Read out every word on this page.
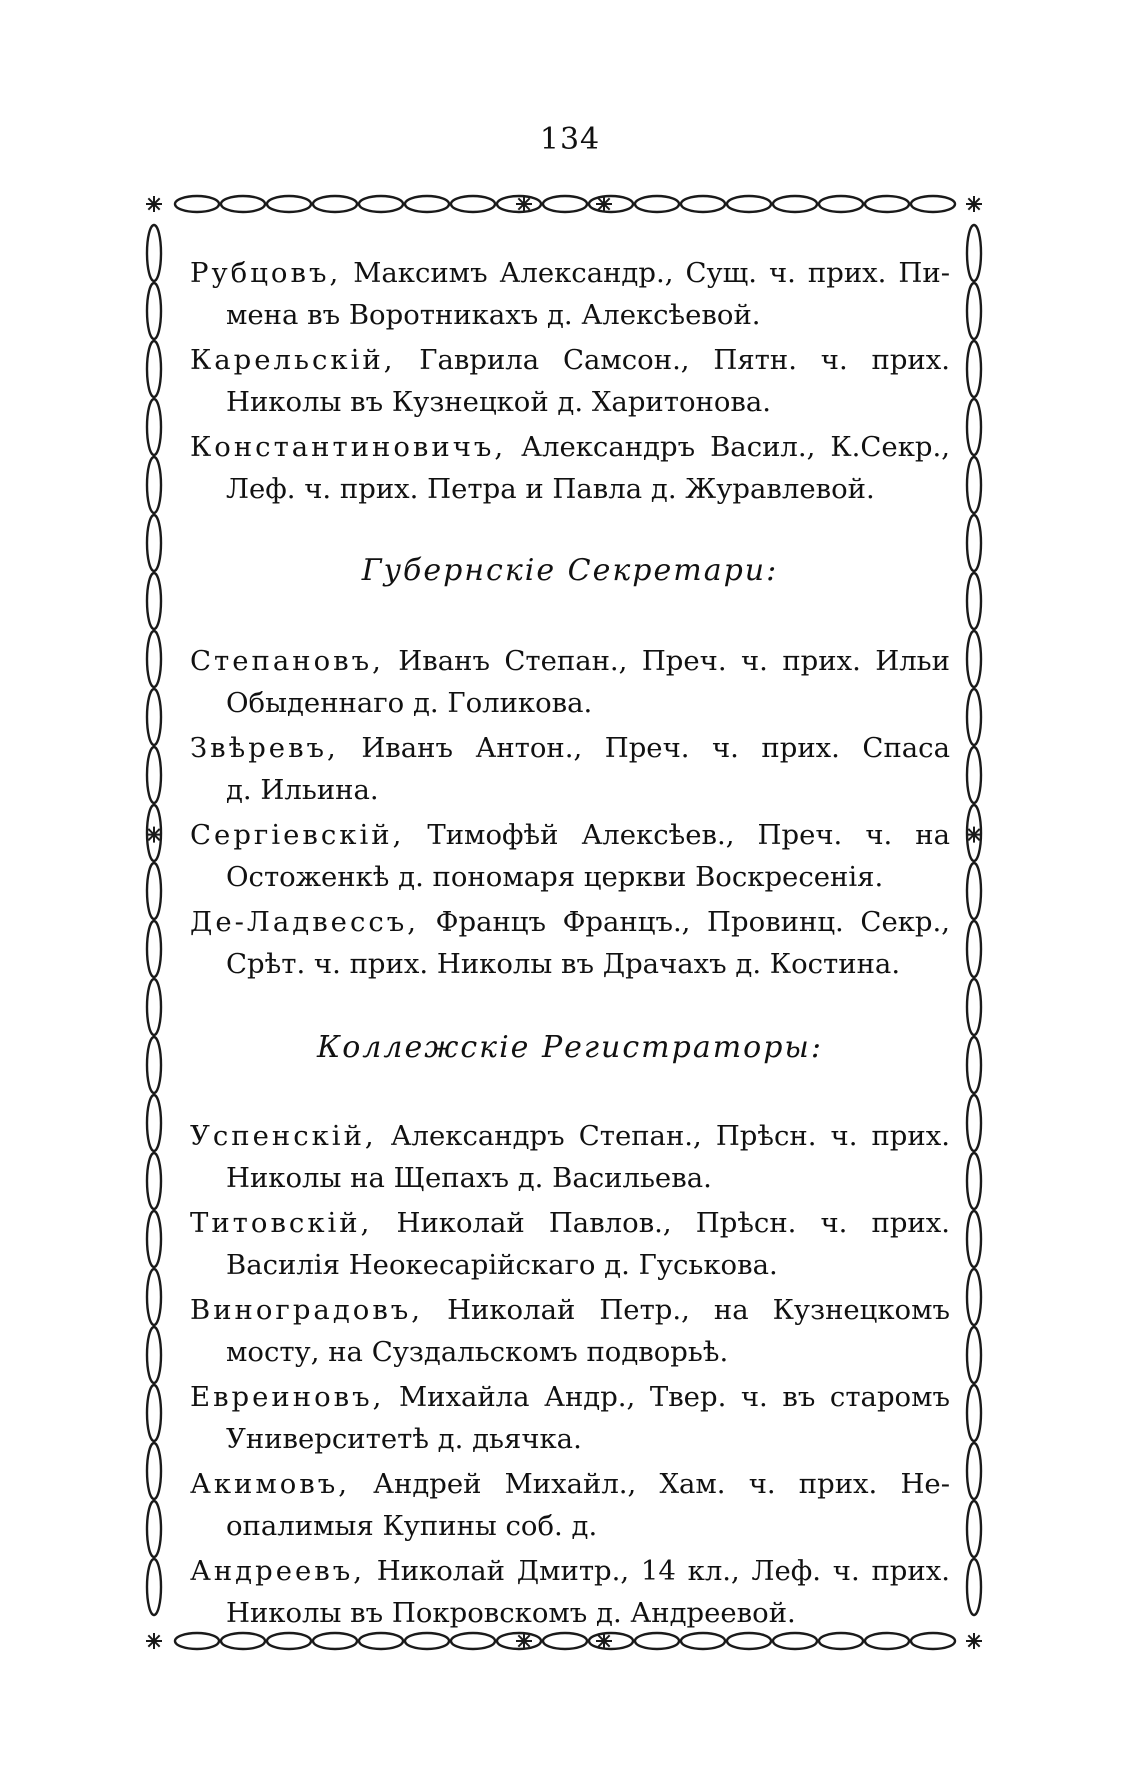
134
Рубцовъ, Максимъ Александр., Сущ. ч. прих. Пи-
мена въ Воротникахъ д. Алексѣевой.
Карельскій, Гаврила Самсон., Пятн. ч. прих.
Николы въ Кузнецкой д. Харитонова.
Константиновичъ, Александръ Васил., К.Секр.,
Леф. ч. прих. Петра и Павла д. Журавлевой.
Губернскіе Секретари:
Степановъ, Иванъ Степан., Преч. ч. прих. Ильи
Обыденнаго д. Голикова.
Звѣревъ, Иванъ Антон., Преч. ч. прих. Спаса
д. Ильина.
Сергіевскій, Тимофѣй Алексѣев., Преч. ч. на
Остоженкѣ д. пономаря церкви Воскресенія.
Де-Ладвессъ, Францъ Францъ., Провинц. Секр.,
Срѣт. ч. прих. Николы въ Драчахъ д. Костина.
Коллежскіе Регистраторы:
Успенскій, Александръ Степан., Прѣсн. ч. прих.
Николы на Щепахъ д. Васильева.
Титовскій, Николай Павлов., Прѣсн. ч. прих.
Василія Неокесарійскаго д. Гуськова.
Виноградовъ, Николай Петр., на Кузнецкомъ
мосту, на Суздальскомъ подворьѣ.
Евреиновъ, Михайла Андр., Твер. ч. въ старомъ
Университетѣ д. дьячка.
Акимовъ, Андрей Михайл., Хам. ч. прих. Не-
опалимыя Купины соб. д.
Андреевъ, Николай Дмитр., 14 кл., Леф. ч. прих.
Николы въ Покровскомъ д. Андреевой.
